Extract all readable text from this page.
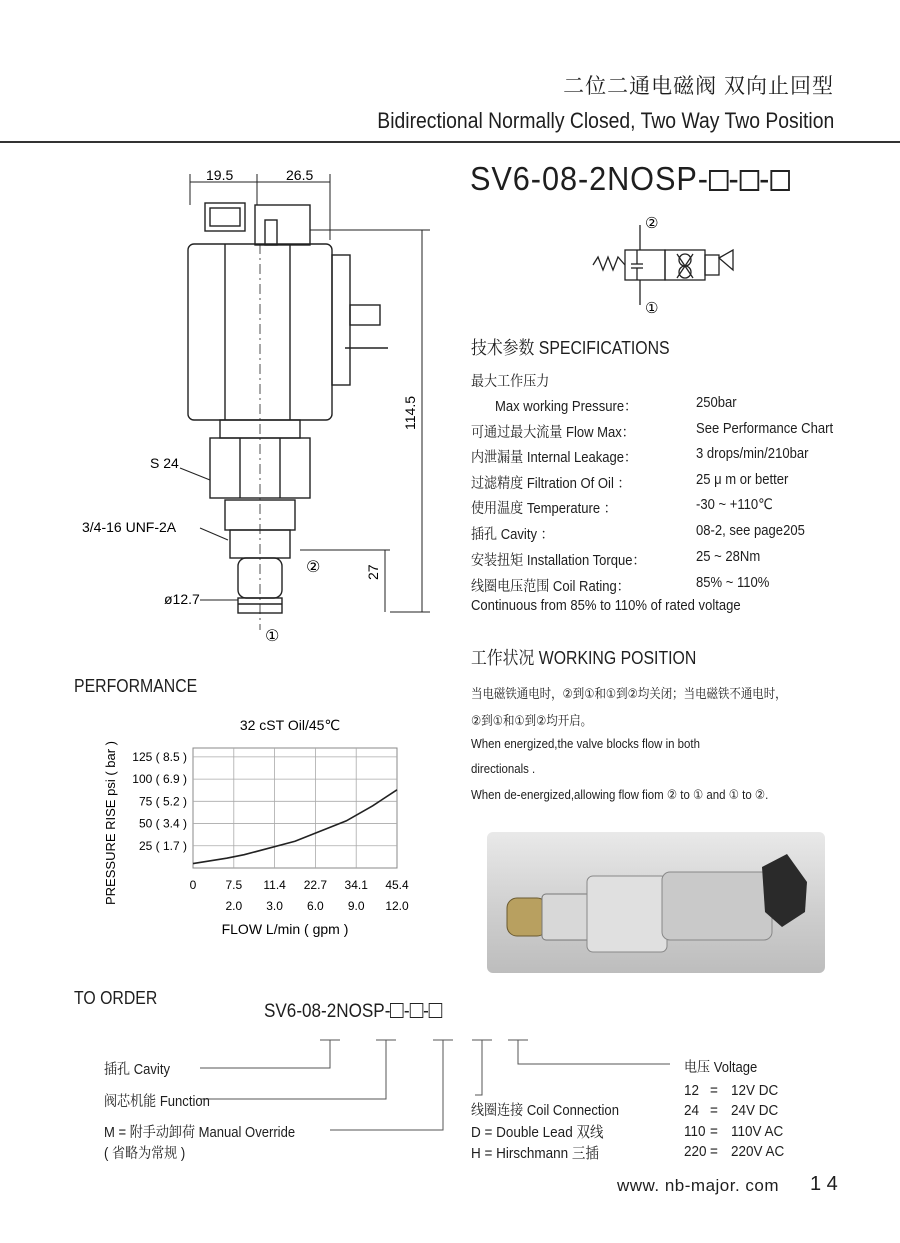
二位二通电磁阀 双向止回型
Bidirectional Normally Closed, Two Way Two Position
SV6-08-2NOSP- - -
19.5	26.5
114.5
27
S 24
3/4-16 UNF-2A
ø12.7
②
①
②
①
技术参数 SPECIFICATIONS
最大工作压力
Max working Pressure：	250bar
可通过最大流量 Flow Max：	See Performance Chart
内泄漏量 Internal Leakage：	3 drops/min/210bar
过滤精度 Filtration Of Oil ：	25 μ m or better
使用温度 Temperature ：	-30 ~ +110℃
插孔 Cavity ：	08-2, see page205
安装扭矩 Installation Torque：	25 ~ 28Nm
线圈电压范围 Coil Rating：	85% ~ 110%
Continuous from 85% to 110% of rated voltage
工作状况 WORKING POSITION
当电磁铁通电时，②到①和①到②均关闭；当电磁铁不通电时，
②到①和①到②均开启。
When energized,the valve blocks flow in both
directionals .
When de-energized,allowing flow fiom ② to ① and ① to ②.
PERFORMANCE
25 ( 1.7 )
50 ( 3.4 )
75 ( 5.2 )
100 ( 6.9 )
125 ( 8.5 )
0 7.5
2.0
11.4
3.0
22.7
6.0
34.1
9.0
45.4
12.0
32 cST Oil/45℃
FLOW L/min ( gpm )
PRESSURE RISE psi ( bar )
TO ORDER
SV6-08-2NOSP- - -
插孔 Cavity
阀芯机能 Function
M = 附手动卸荷 Manual Override
( 省略为常规 )
线圈连接 Coil Connection
D = Double Lead 双线
H = Hirschmann 三插
电压 Voltage
12 = 12V DC
24 = 24V DC
110 = 110V AC
220 = 220V AC
www. nb-major. com 1 4
